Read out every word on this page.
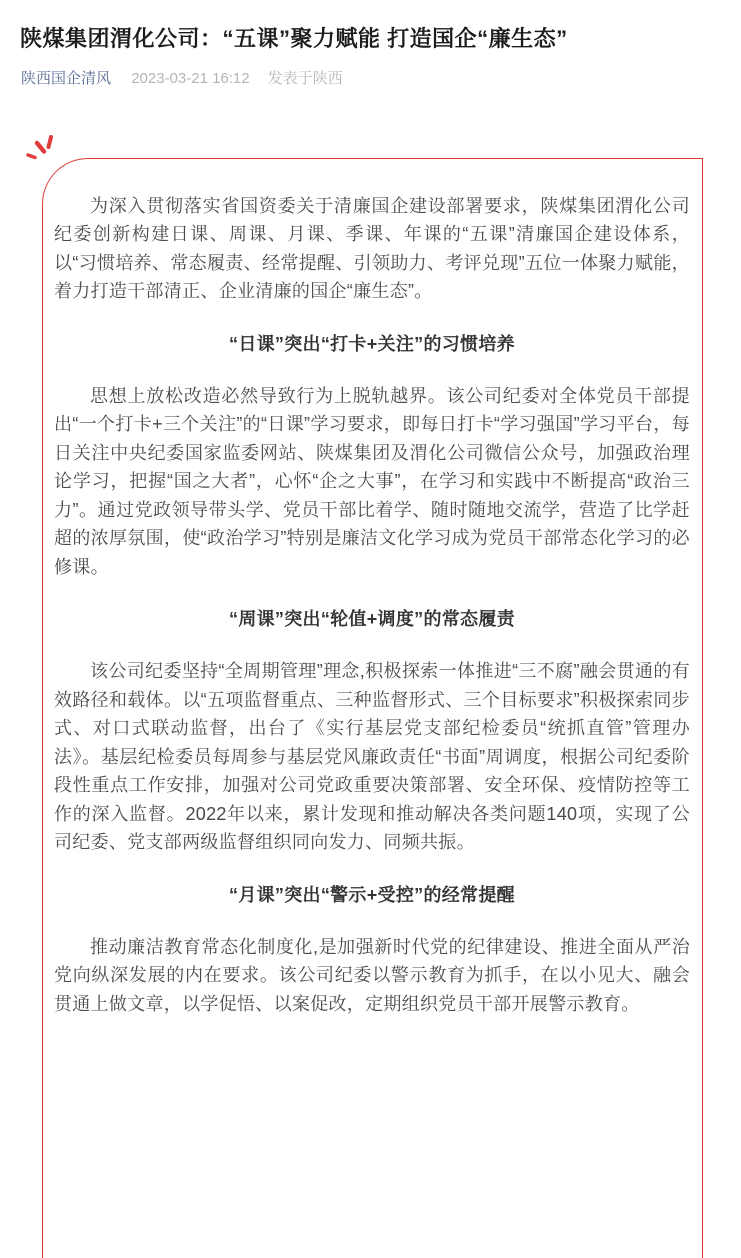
陕煤集团渭化公司：“五课”聚力赋能 打造国企“廉生态”
陕西国企清风 2023-03-21 16:12 发表于陕西

为深入贯彻落实省国资委关于清廉国企建设部署要求，陕煤集团渭化公司纪委创新构建日课、周课、月课、季课、年课的“五课”清廉国企建设体系，以“习惯培养、常态履责、经常提醒、引领助力、考评兑现”五位一体聚力赋能，着力打造干部清正、企业清廉的国企“廉生态”。

“日课”突出“打卡+关注”的习惯培养

思想上放松改造必然导致行为上脱轨越界。该公司纪委对全体党员干部提出“一个打卡+三个关注”的“日课”学习要求，即每日打卡“学习强国”学习平台，每日关注中央纪委国家监委网站、陕煤集团及渭化公司微信公众号，加强政治理论学习，把握“国之大者”，心怀“企之大事”，在学习和实践中不断提高“政治三力”。通过党政领导带头学、党员干部比着学、随时随地交流学，营造了比学赶超的浓厚氛围，使“政治学习”特别是廉洁文化学习成为党员干部常态化学习的必修课。

“周课”突出“轮值+调度”的常态履责

该公司纪委坚持“全周期管理”理念,积极探索一体推进“三不腐”融会贯通的有效路径和载体。以“五项监督重点、三种监督形式、三个目标要求”积极探索同步式、对口式联动监督，出台了《实行基层党支部纪检委员“统抓直管”管理办法》。基层纪检委员每周参与基层党风廉政责任“书面”周调度，根据公司纪委阶段性重点工作安排，加强对公司党政重要决策部署、安全环保、疫情防控等工作的深入监督。2022年以来，累计发现和推动解决各类问题140项，实现了公司纪委、党支部两级监督组织同向发力、同频共振。

“月课”突出“警示+受控”的经常提醒

推动廉洁教育常态化制度化,是加强新时代党的纪律建设、推进全面从严治党向纵深发展的内在要求。该公司纪委以警示教育为抓手，在以小见大、融会贯通上做文章，以学促悟、以案促改，定期组织党员干部开展警示教育。
